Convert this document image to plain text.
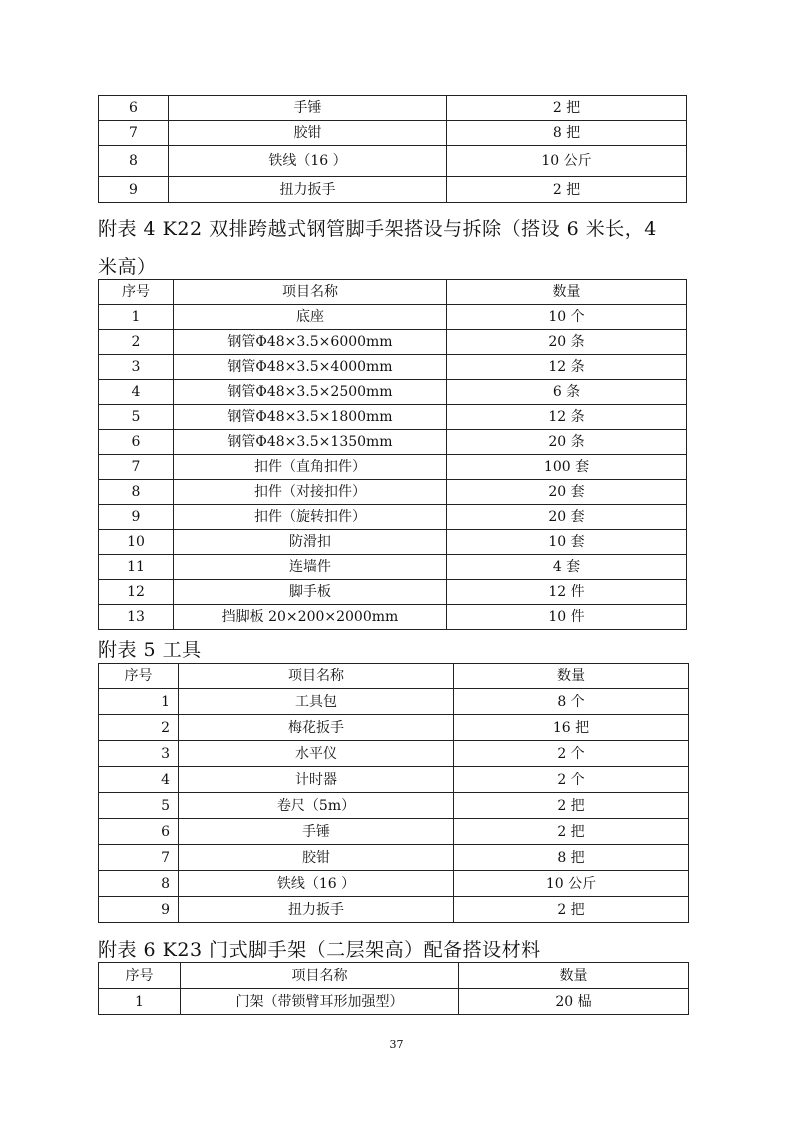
6	手锤	2 把
7	胶钳	8 把
8	铁线（16 ）	10 公斤
9	扭力扳手	2 把
附表 4 K22 双排跨越式钢管脚手架搭设与拆除（搭设 6 米长，4
米高）
序号	项目名称	数量
1	底座	10 个
2	钢管Φ48×3.5×6000mm	20 条
3	钢管Φ48×3.5×4000mm	12 条
4	钢管Φ48×3.5×2500mm	6 条
5	钢管Φ48×3.5×1800mm	12 条
6	钢管Φ48×3.5×1350mm	20 条
7	扣件（直角扣件）	100 套
8	扣件（对接扣件）	20 套
9	扣件（旋转扣件）	20 套
10	防滑扣	10 套
11	连墙件	4 套
12	脚手板	12 件
13	挡脚板 20×200×2000mm	10 件
附表 5 工具
序号	项目名称	数量
1	工具包	8 个
2	梅花扳手	16 把
3	水平仪	2 个
4	计时器	2 个
5	卷尺（5m）	2 把
6	手锤	2 把
7	胶钳	8 把
8	铁线（16 ）	10 公斤
9	扭力扳手	2 把
附表 6 K23 门式脚手架（二层架高）配备搭设材料
序号	项目名称	数量
1	门架（带锁臂耳形加强型）	20 榀
37
